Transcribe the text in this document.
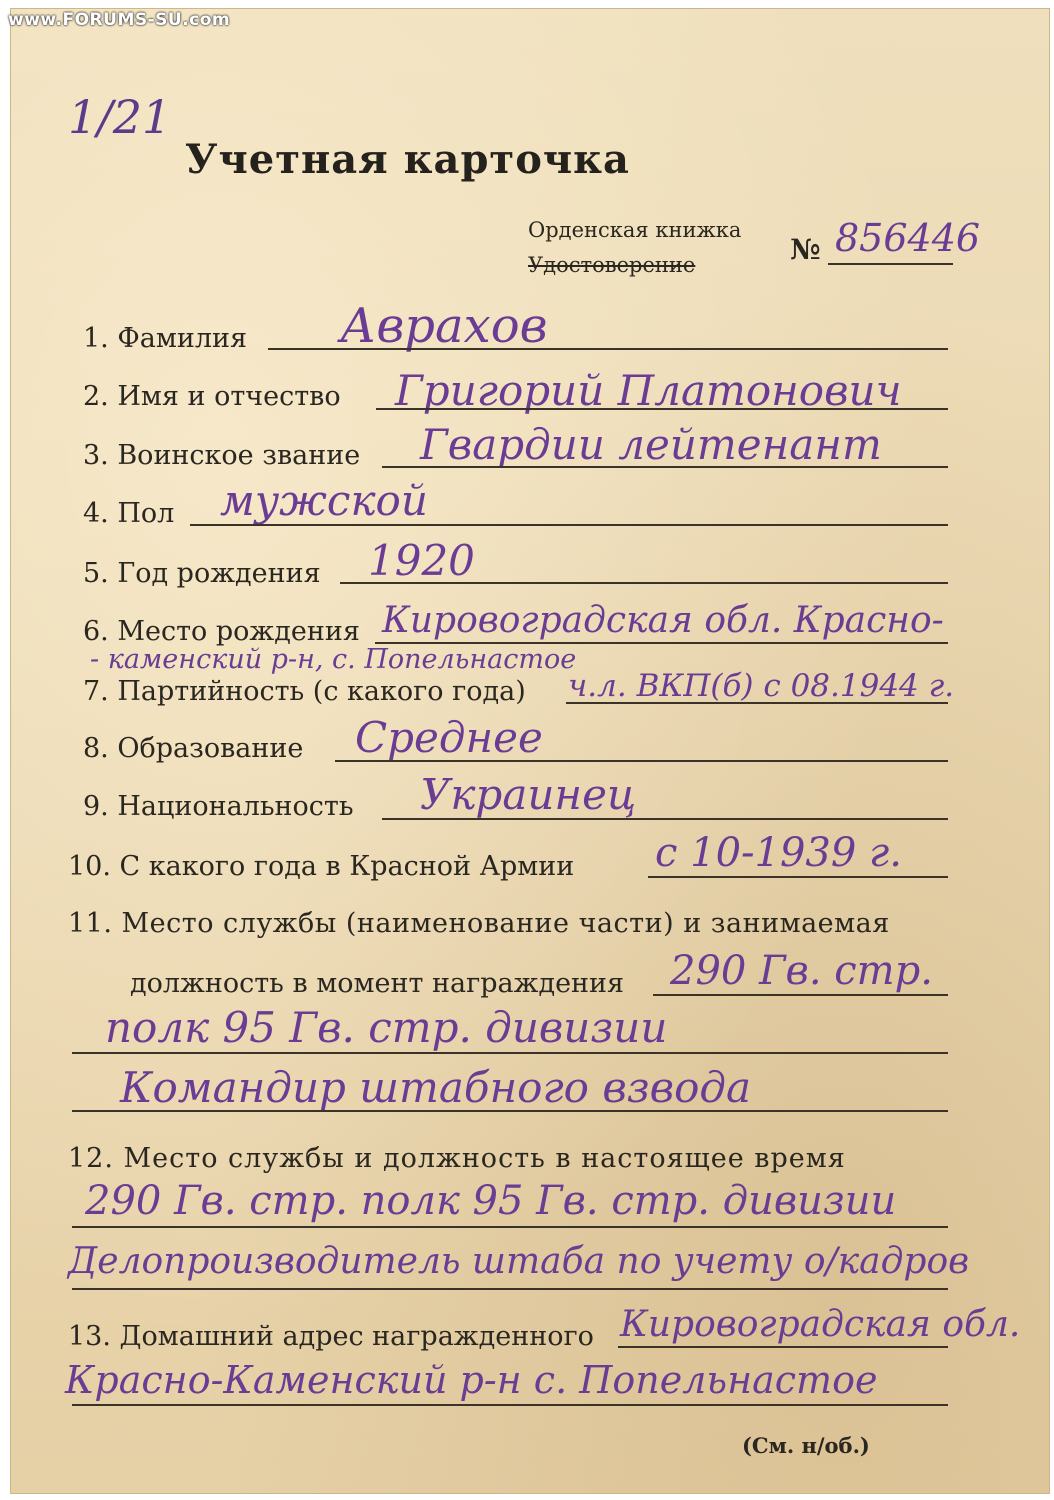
1/21
Учетная карточка
Орденская книжка
Удостоверение	№ 856446
1. Фамилия Аврахов
2. Имя и отчество Григорий Платонович
3. Воинское звание Гвардии лейтенант
4. Пол мужской
5. Год рождения 1920
6. Место рождения Кировоградская обл. Красно-
- каменский р-н, с. Попельнастое
7. Партийность (с какого года) ч.л. ВКП(б) с 08.1944 г.
8. Образование Среднее
9. Национальность Украинец
10. С какого года в Красной Армии с 10-1939 г.
11. Место службы (наименование части) и занимаемая
должность в момент награждения 290 Гв. стр.
полк 95 Гв. стр. дивизии
Командир штабного взвода
12. Место службы и должность в настоящее время
290 Гв. стр. полк 95 Гв. стр. дивизии
Делопроизводитель штаба по учету о/кадров
13. Домашний адрес награжденного Кировоградская обл.
Красно-Каменский р-н с. Попельнастое
(См. н/об.)
www.FORUMS-SU.com
